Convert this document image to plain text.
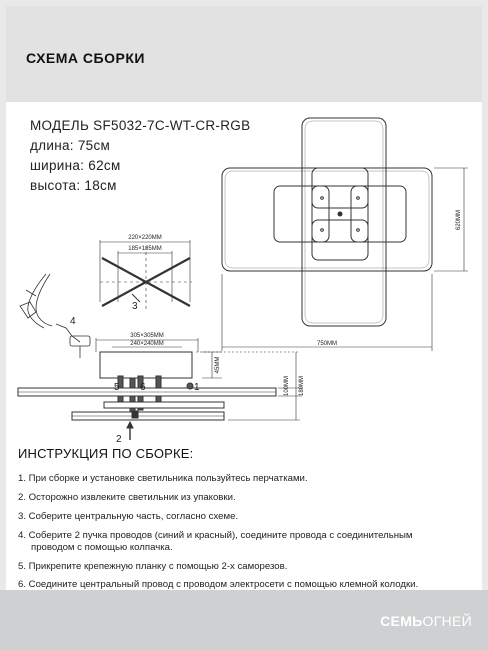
СХЕМА СБОРКИ
МОДЕЛЬ SF5032-7C-WT-CR-RGB
длина: 75см
ширина: 62см
высота: 18см
750ММ
620ММ
220×220ММ
185×185ММ
3
4
305×305ММ
240×240ММ
45ММ
100ММ 180ММ
5 6	1
2
ИНСТРУКЦИЯ ПО СБОРКЕ:
1. При сборке и установке светильника пользуйтесь перчатками.
2. Осторожно извлеките светильник из упаковки.
3. Соберите центральную часть, согласно схеме.
4. Соберите 2 пучка проводов (синий и красный), соедините провода с соединительным
проводом с помощью колпачка.
5. Прикрепите крепежную планку с помощью 2-х саморезов.
6. Соедините центральный провод с проводом электросети с помощью клемной колодки.
СЕМЬОГНЕЙ
